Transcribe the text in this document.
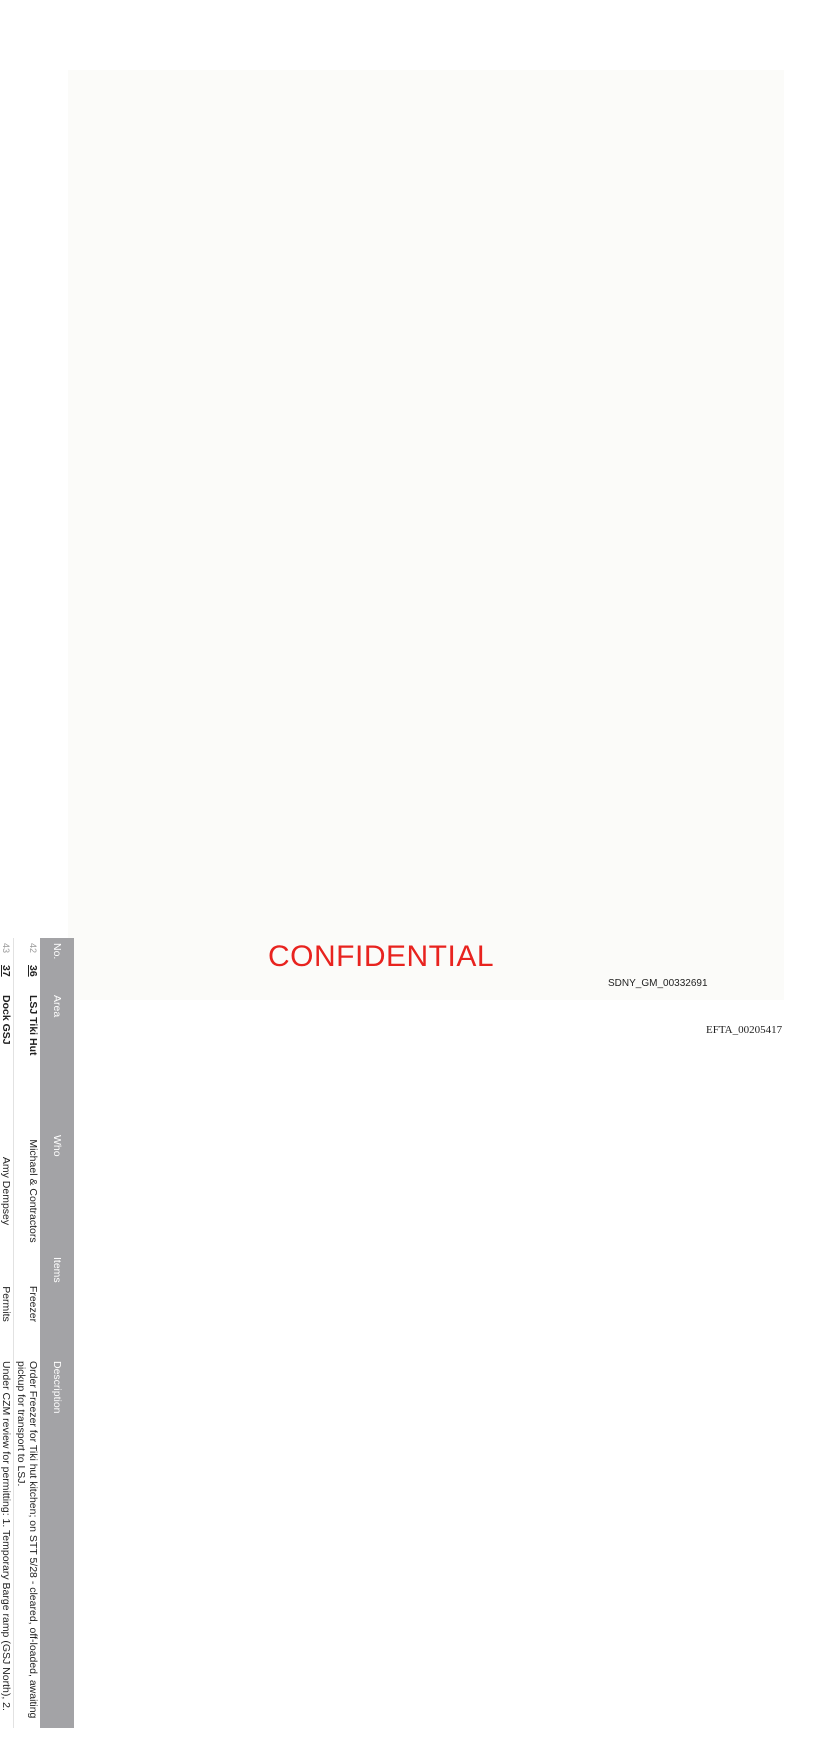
No.		Area	Who	Items	Description
42	36	LSJ Tiki Hut	Michael & Contractors	Freezer	Order Freezer for Tiki hut kitchen; on STT 5/28 - cleared, off-loaded, awaiting pickup for transport to LSJ.
43	37	Dock GSJ	Amy Dempsey	Permits	Under CZM review for permitting: 1. Temporary Barge ramp (GSJ North), 2.

CONFIDENTIAL
SDNY_GM_00332691
EFTA_00205417
